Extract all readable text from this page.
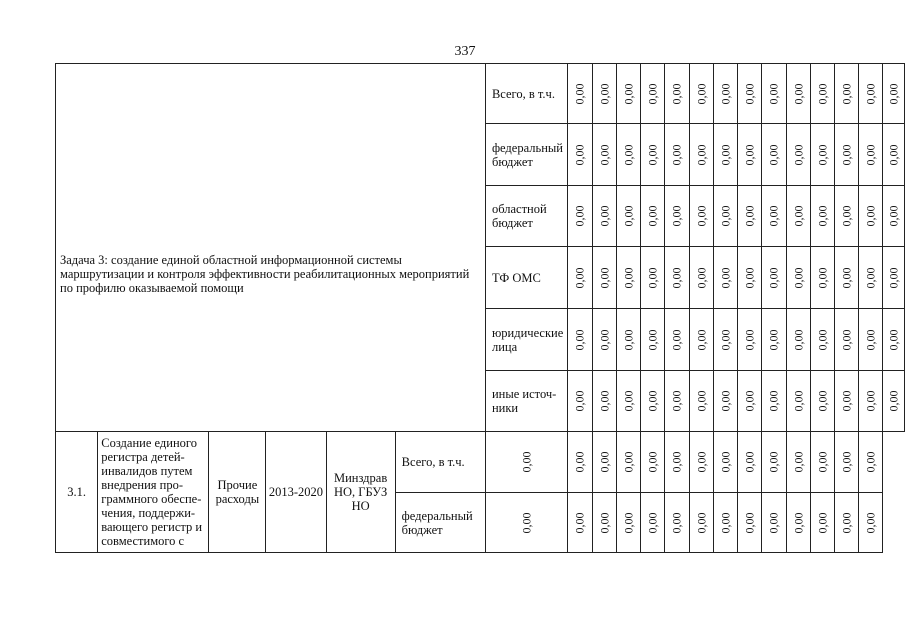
337
Задача 3: создание единой областной информационной системы маршрутизации и контроля эффективности реабилитационных мероприятий по профилю оказываемой помощи						Всего, в т.ч.	0,00	0,00	0,00	0,00	0,00	0,00	0,00	0,00	0,00	0,00	0,00	0,00	0,00	0,00
						федеральный бюджет	0,00	0,00	0,00	0,00	0,00	0,00	0,00	0,00	0,00	0,00	0,00	0,00	0,00	0,00
						областной бюджет	0,00	0,00	0,00	0,00	0,00	0,00	0,00	0,00	0,00	0,00	0,00	0,00	0,00	0,00
						ТФ ОМС	0,00	0,00	0,00	0,00	0,00	0,00	0,00	0,00	0,00	0,00	0,00	0,00	0,00	0,00
						юридические лица	0,00	0,00	0,00	0,00	0,00	0,00	0,00	0,00	0,00	0,00	0,00	0,00	0,00	0,00
						иные источ-ники	0,00	0,00	0,00	0,00	0,00	0,00	0,00	0,00	0,00	0,00	0,00	0,00	0,00	0,00
3.1.	Создание единого регистра детей-инвалидов путем внедрения про-граммного обеспе-чения, поддержи-вающего регистр и совместимого с	Прочие расходы	2013-2020	Минздрав НО, ГБУЗ НО	Всего, в т.ч.	0,00	0,00	0,00	0,00	0,00	0,00	0,00	0,00	0,00	0,00	0,00	0,00	0,00	0,00	
					федеральный бюджет	0,00	0,00	0,00	0,00	0,00	0,00	0,00	0,00	0,00	0,00	0,00	0,00	0,00	0,00	
